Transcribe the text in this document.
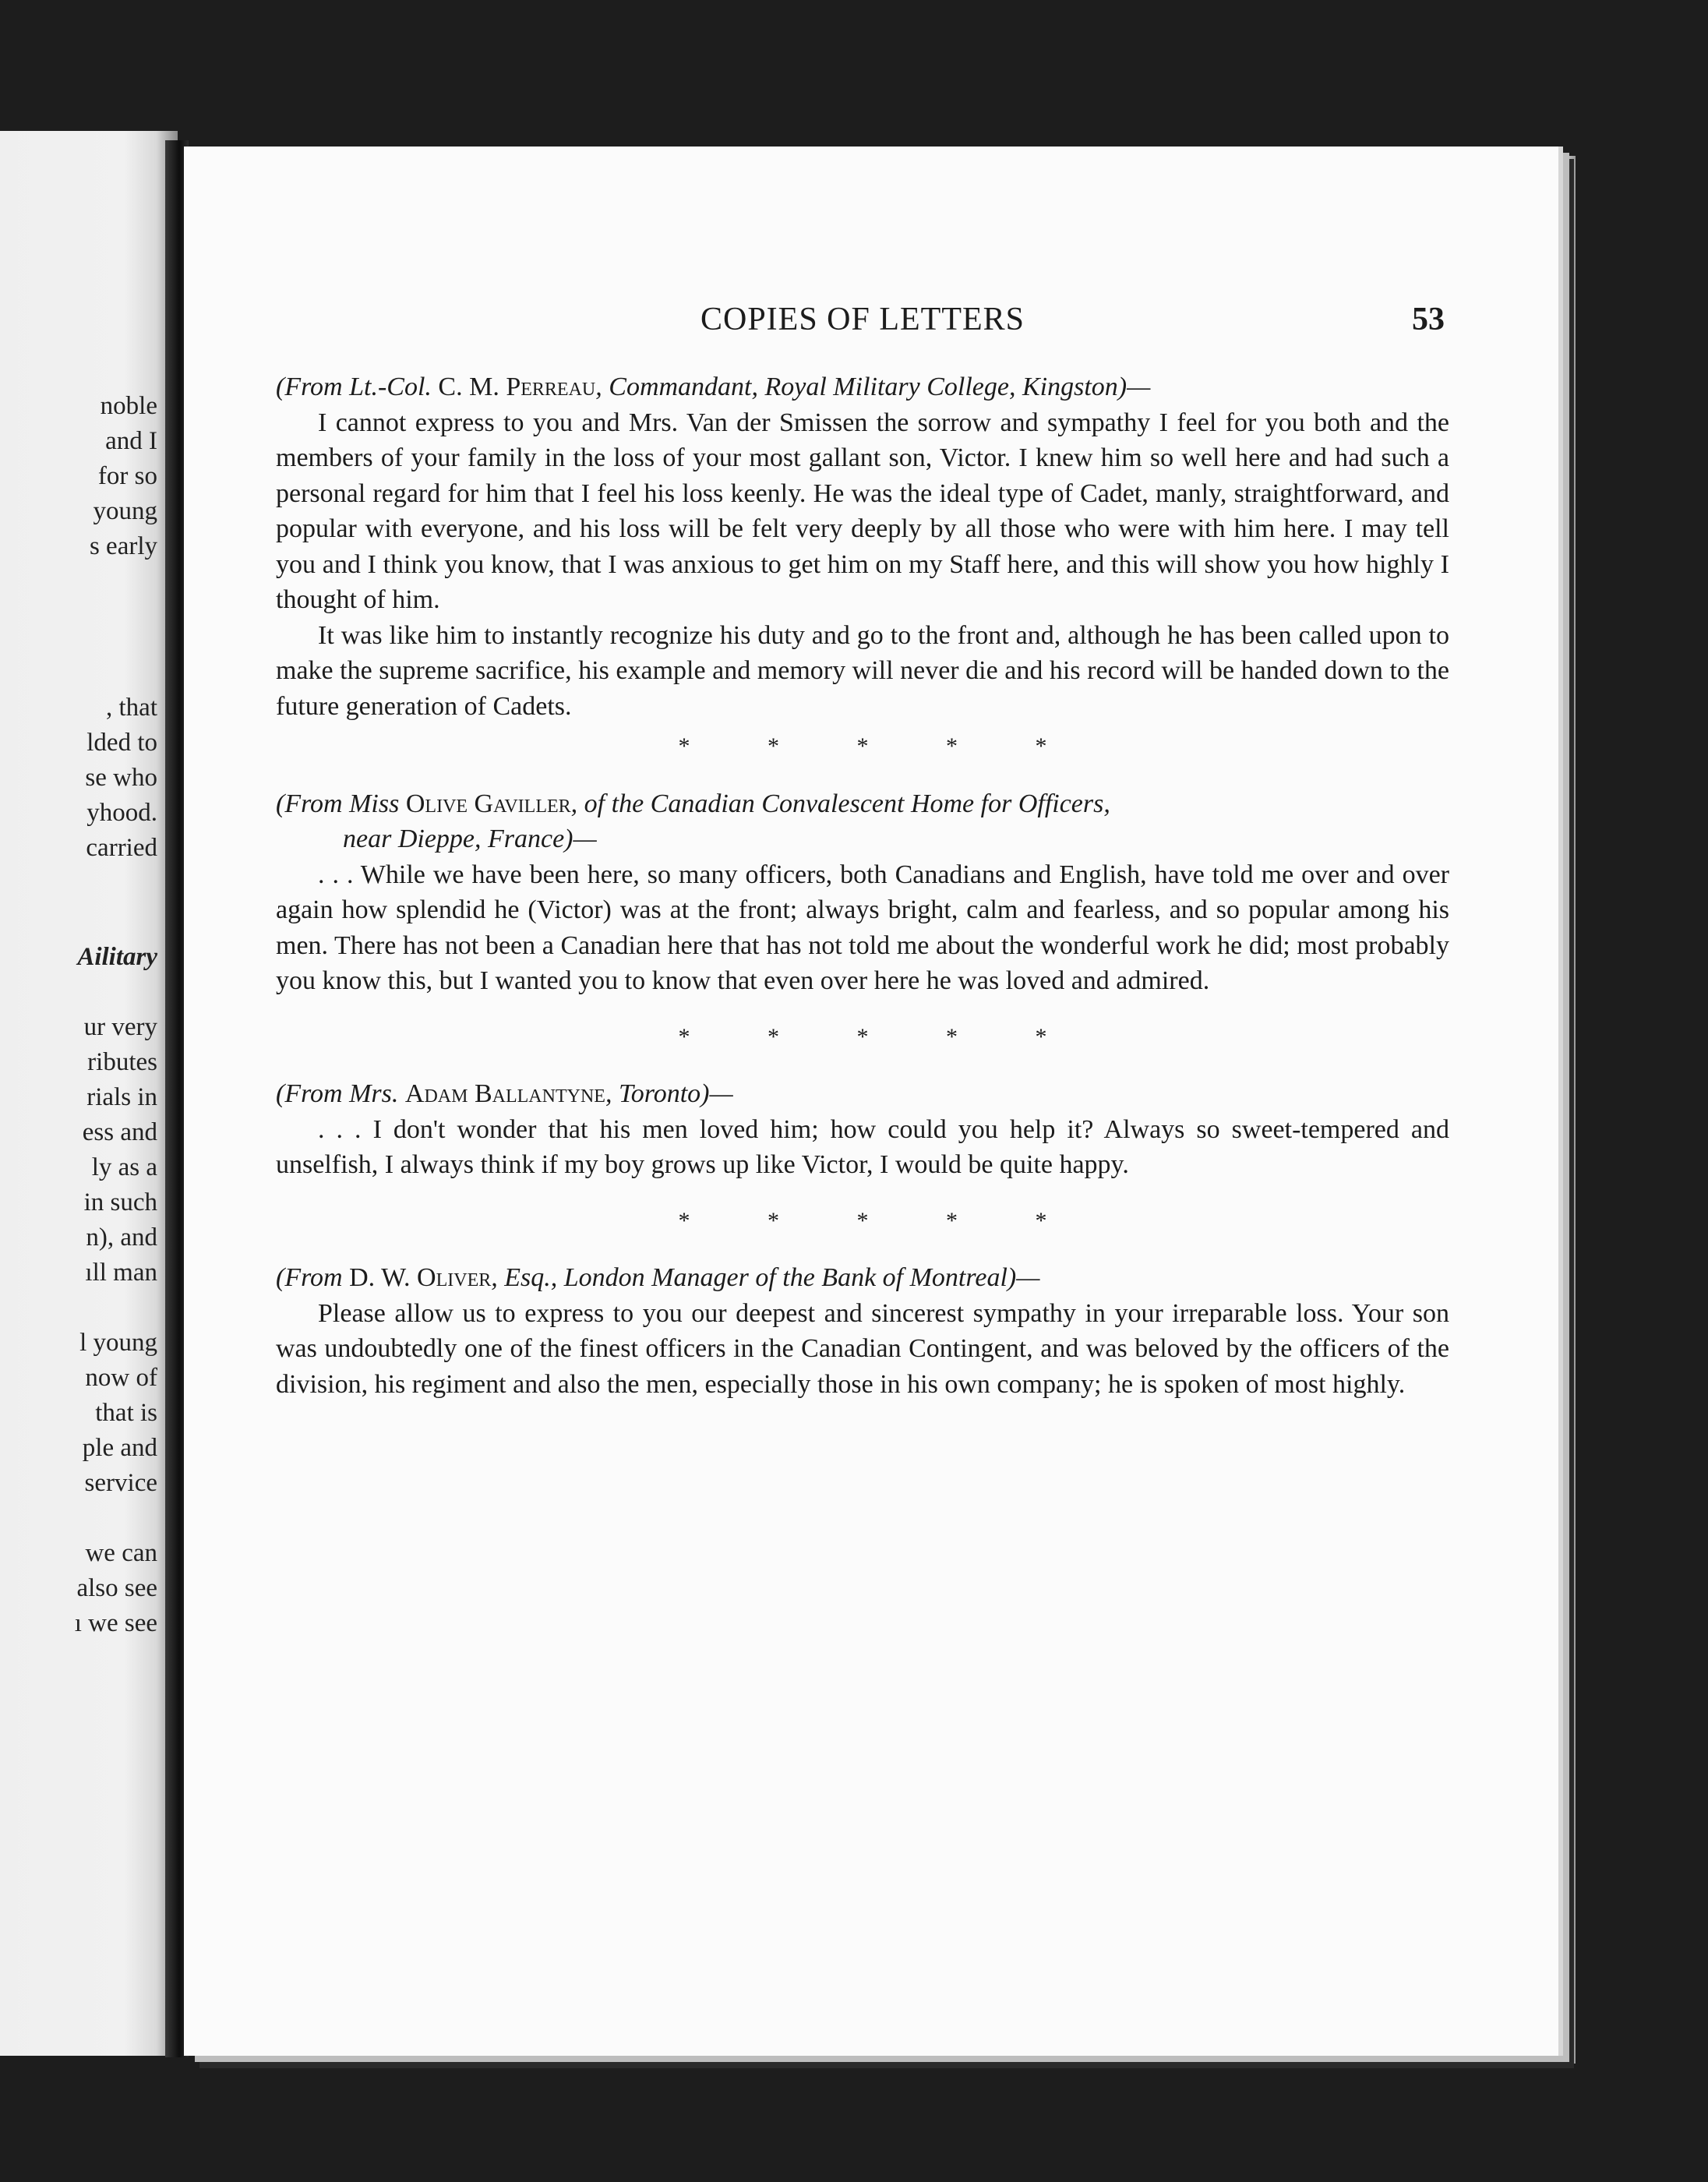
noble
and I
for so
young
s early
, that
lded to
se who
yhood.
carried
Ailitary
ur very
ributes
rials in
ess and
ly as a
in such
n), and
ıll man
l young
now of
that is
ple and
service
we can
also see
ı we see
COPIES OF LETTERS	53
(From Lt.-Col. C. M. Perreau, Commandant, Royal Military College, Kingston)—

I cannot express to you and Mrs. Van der Smissen the sorrow and sympathy I feel for you both and the members of your family in the loss of your most gallant son, Victor. I knew him so well here and had such a personal regard for him that I feel his loss keenly. He was the ideal type of Cadet, manly, straightforward, and popular with everyone, and his loss will be felt very deeply by all those who were with him here. I may tell you and I think you know, that I was anxious to get him on my Staff here, and this will show you how highly I thought of him.

It was like him to instantly recognize his duty and go to the front and, although he has been called upon to make the supreme sacrifice, his example and memory will never die and his record will be handed down to the future generation of Cadets.

* * * * *
(From Miss Olive Gaviller, of the Canadian Convalescent Home for Officers,
near Dieppe, France)—

. . . While we have been here, so many officers, both Canadians and English, have told me over and over again how splendid he (Victor) was at the front; always bright, calm and fearless, and so popular among his men. There has not been a Canadian here that has not told me about the wonderful work he did; most probably you know this, but I wanted you to know that even over here he was loved and admired.

* * * * *
(From Mrs. Adam Ballantyne, Toronto)—

. . . I don't wonder that his men loved him; how could you help it? Always so sweet-tempered and unselfish, I always think if my boy grows up like Victor, I would be quite happy.

* * * * *
(From D. W. Oliver, Esq., London Manager of the Bank of Montreal)—

Please allow us to express to you our deepest and sincerest sympathy in your irreparable loss. Your son was undoubtedly one of the finest officers in the Canadian Contingent, and was beloved by the officers of the division, his regiment and also the men, especially those in his own company; he is spoken of most highly.
